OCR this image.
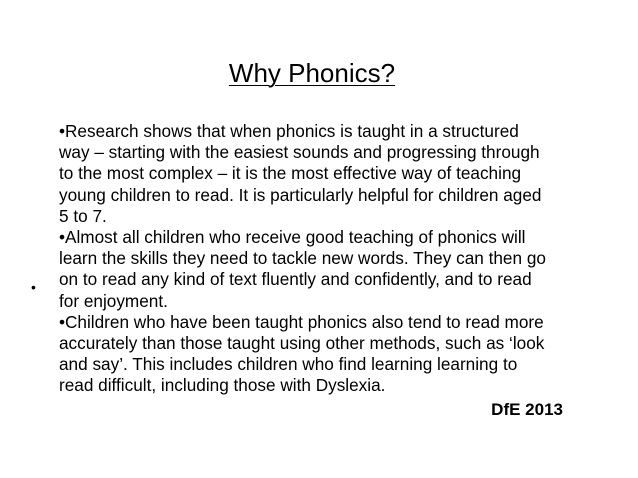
Why Phonics?
•

•Research shows that when phonics is taught in a structured
way – starting with the easiest sounds and progressing through
to the most complex – it is the most effective way of teaching
young children to read. It is particularly helpful for children aged
5 to 7.

•Almost all children who receive good teaching of phonics will
learn the skills they need to tackle new words. They can then go
on to read any kind of text fluently and confidently, and to read
for enjoyment.

•Children who have been taught phonics also tend to read more
accurately than those taught using other methods, such as ‘look
and say’. This includes children who find learning learning to
read difficult, including those with Dyslexia.

DfE 2013
